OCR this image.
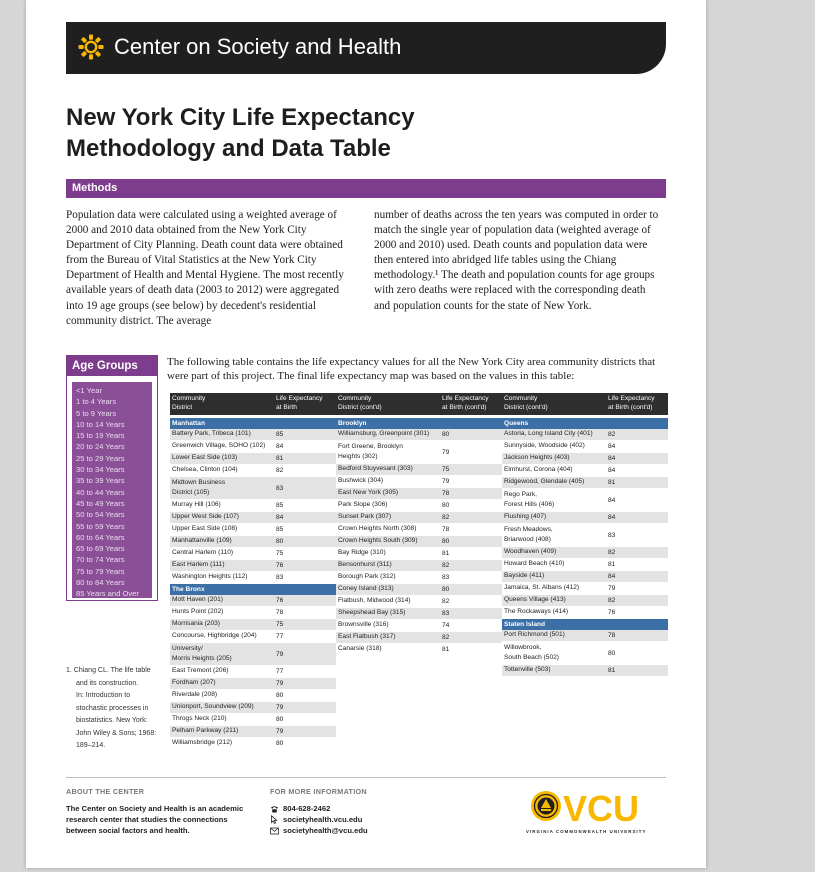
Center on Society and Health
New York City Life Expectancy
Methodology and Data Table
Methods

Population data were calculated using a weighted average of 2000 and 2010 data obtained from the New York City Department of City Planning. Death count data were obtained from the Bureau of Vital Statistics at the New York City Department of Health and Mental Hygiene. The most recently available years of death data (2003 to 2012) were aggregated into 19 age groups (see below) by decedent's residential community district. The average

number of deaths across the ten years was computed in order to match the single year of population data (weighted average of 2000 and 2010) used. Death counts and population data were then entered into abridged life tables using the Chiang methodology.¹ The death and population counts for age groups with zero deaths were replaced with the corresponding death and population counts for the state of New York.

Age Groups
<1 Year
1 to 4 Years
5 to 9 Years
10 to 14 Years
15 to 19 Years
20 to 24 Years
25 to 29 Years
30 to 34 Years
35 to 39 Years
40 to 44 Years
45 to 49 Years
50 to 54 Years
55 to 59 Years
60 to 64 Years
65 to 69 Years
70 to 74 Years
75 to 79 Years
80 to 84 Years
85 Years and Over

The following table contains the life expectancy values for all the New York City area community districts that were part of this project. The final life expectancy map was based on the values in this table:

Community
District
Life Expectancy
at Birth
Manhattan
Battery Park, Tribeca (101)	85
Greenwich Village, SOHO (102)	84
Lower East Side (103)	81
Chelsea, Clinton (104)	82
Midtown Business
District (105)
83
Murray Hill (106)	85
Upper West Side (107)	84
Upper East Side (108)	85
Manhattanville (109)	80
Central Harlem (110)	75
East Harlem (111)	76
Washington Heights (112)	83
The Bronx
Mott Haven (201)	76
Hunts Point (202)	78
Morrisania (203)	75
Concourse, Highbridge (204)	77
University/
Morris Heights (205)
79
East Tremont (206)	77
Fordham (207)	79
Riverdale (208)	80
Unionport, Soundview (209)	79
Throgs Neck (210)	80
Pelham Parkway (211)	79
Williamsbridge (212)	80
Community
District (cont'd)
Life Expectancy
at Birth (cont'd)
Brooklyn
Williamsburg, Greenpoint (301)	80
Fort Greene, Brooklyn
Heights (302)
79
Bedford Stuyvesant (303)	75
Bushwick (304)	79
East New York (305)	78
Park Slope (306)	80
Sunset Park (307)	82
Crown Heights North (308)	78
Crown Heights South (309)	80
Bay Ridge (310)	81
Bensonhurst (311)	82
Borough Park (312)	83
Coney Island (313)	80
Flatbush, Midwood (314)	82
Sheepshead Bay (315)	83
Brownsville (316)	74
East Flatbush (317)	82
Canarsie (318)	81
Community
District (cont'd)
Life Expectancy
at Birth (cont'd)
Queens
Astoria, Long Island City (401)	82
Sunnyside, Woodside (402)	84
Jackson Heights (403)	84
Elmhurst, Corona (404)	84
Ridgewood, Glendale (405)	81
Rego Park,
Forest Hills (406)
84
Flushing (407)	84
Fresh Meadows,
Briarwood (408)
83
Woodhaven (409)	82
Howard Beach (410)	81
Bayside (411)	84
Jamaica, St. Albans (412)	79
Queens Village (413)	82
The Rockaways (414)	76
Staten Island
Port Richmond (501)	78
Willowbrook,
South Beach (502)
80
Tottenville (503)	81
1. Chiang CL. The life table
and its construction.
In: Introduction to
stochastic processes in
biostatistics. New York:
John Wiley & Sons; 1968:
189–214.
ABOUT THE CENTER
The Center on Society and Health is an academic research center that studies the connections between social factors and health.
FOR MORE INFORMATION
804-628-2462
societyhealth.vcu.edu
societyhealth@vcu.edu
VCU
VIRGINIA COMMONWEALTH UNIVERSITY
